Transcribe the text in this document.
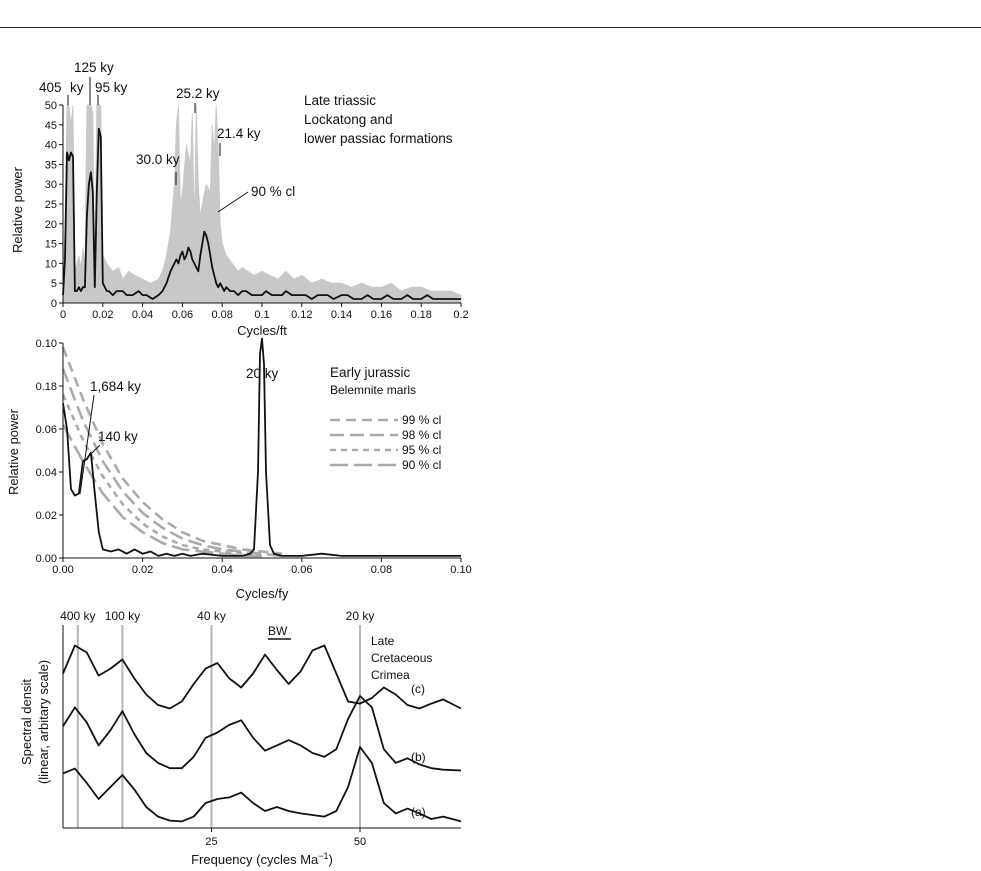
0 0.02 0.04 0.06 0.08 0.1 0.12 0.14 0.16 0.18 0.2
0
5
10
15
20
25
30
35
40
45
50
Relative power
Cycles/ft
Late triassic
Lockatong and
lower passiac formations
405 ky
125 ky
95 ky	25.2 ky
21.4 ky
30.0 ky
90 % cl
0.00	0.02	0.04	0.06	0.08	0.10
0.00
0.02
0.04
0.06
0.18
0.10
Relative power
Cycles/fy
Early jurassic
Belemnite marls
20 ky
1,684 ky
140 ky
99 % cl
98 % cl
95 % cl
90 % cl
400 ky 100 ky	40 ky	20 ky
25	50
Spectral densit (linear, arbitary scale)
Frequency (cycles $Ma^{-1}$)
Late
Cretaceous
Crimea
BW
(c)
(b)
(a)
